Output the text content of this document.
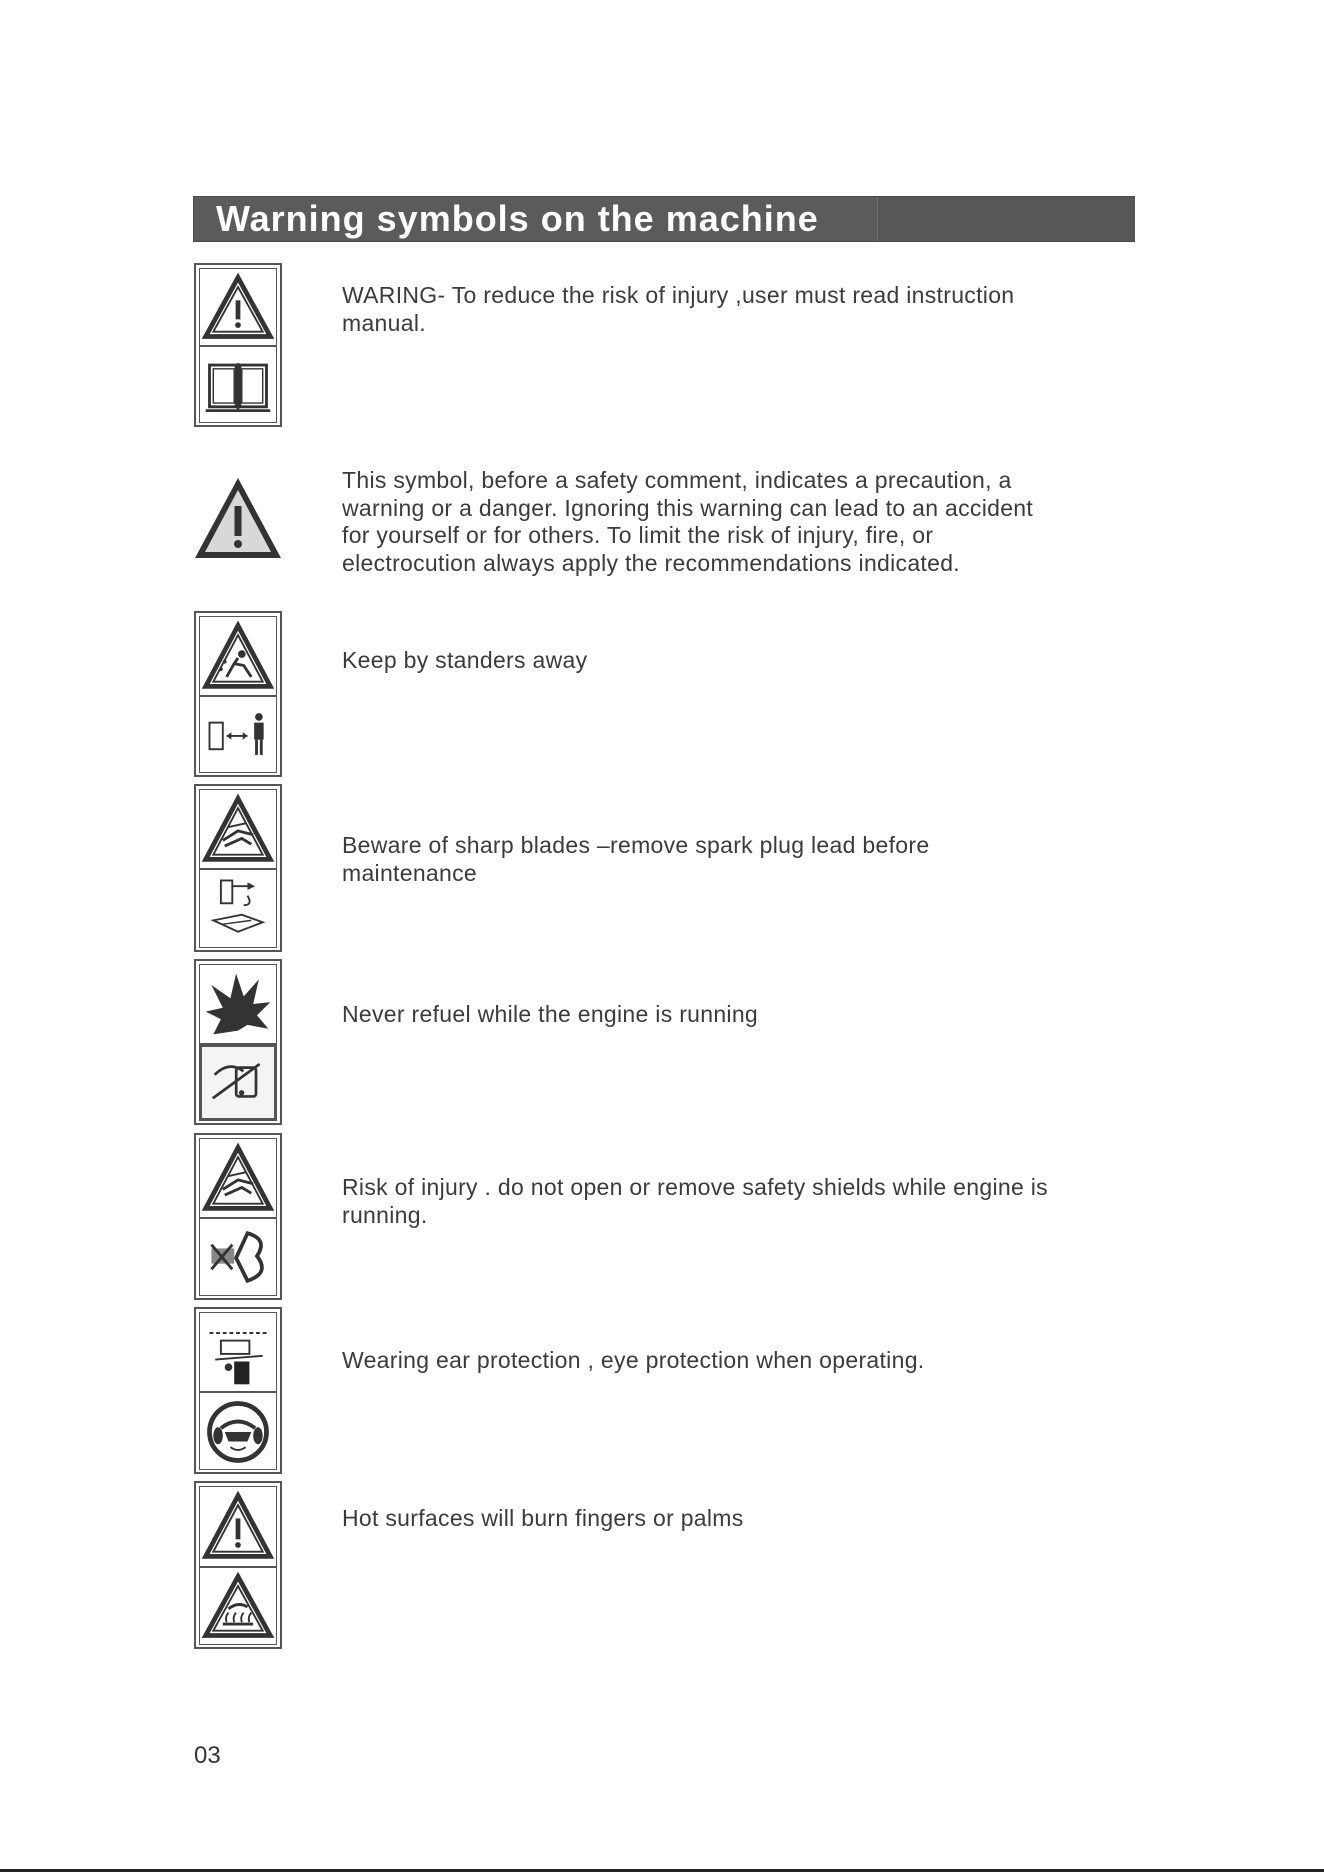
Warning symbols on the machine
WARING- To reduce the risk of injury ,user must read instruction manual.
This symbol, before a safety comment, indicates a precaution, a warning or a danger. Ignoring this warning can lead to an accident for yourself or for others. To limit the risk of injury, fire, or electrocution always apply the recommendations indicated.
Keep by standers away
Beware of sharp blades –remove spark plug lead before maintenance
Never refuel while the engine is running
Risk of injury . do not open or remove safety shields while engine is running.
Wearing ear protection , eye protection when operating.
Hot surfaces will burn fingers or palms
03
